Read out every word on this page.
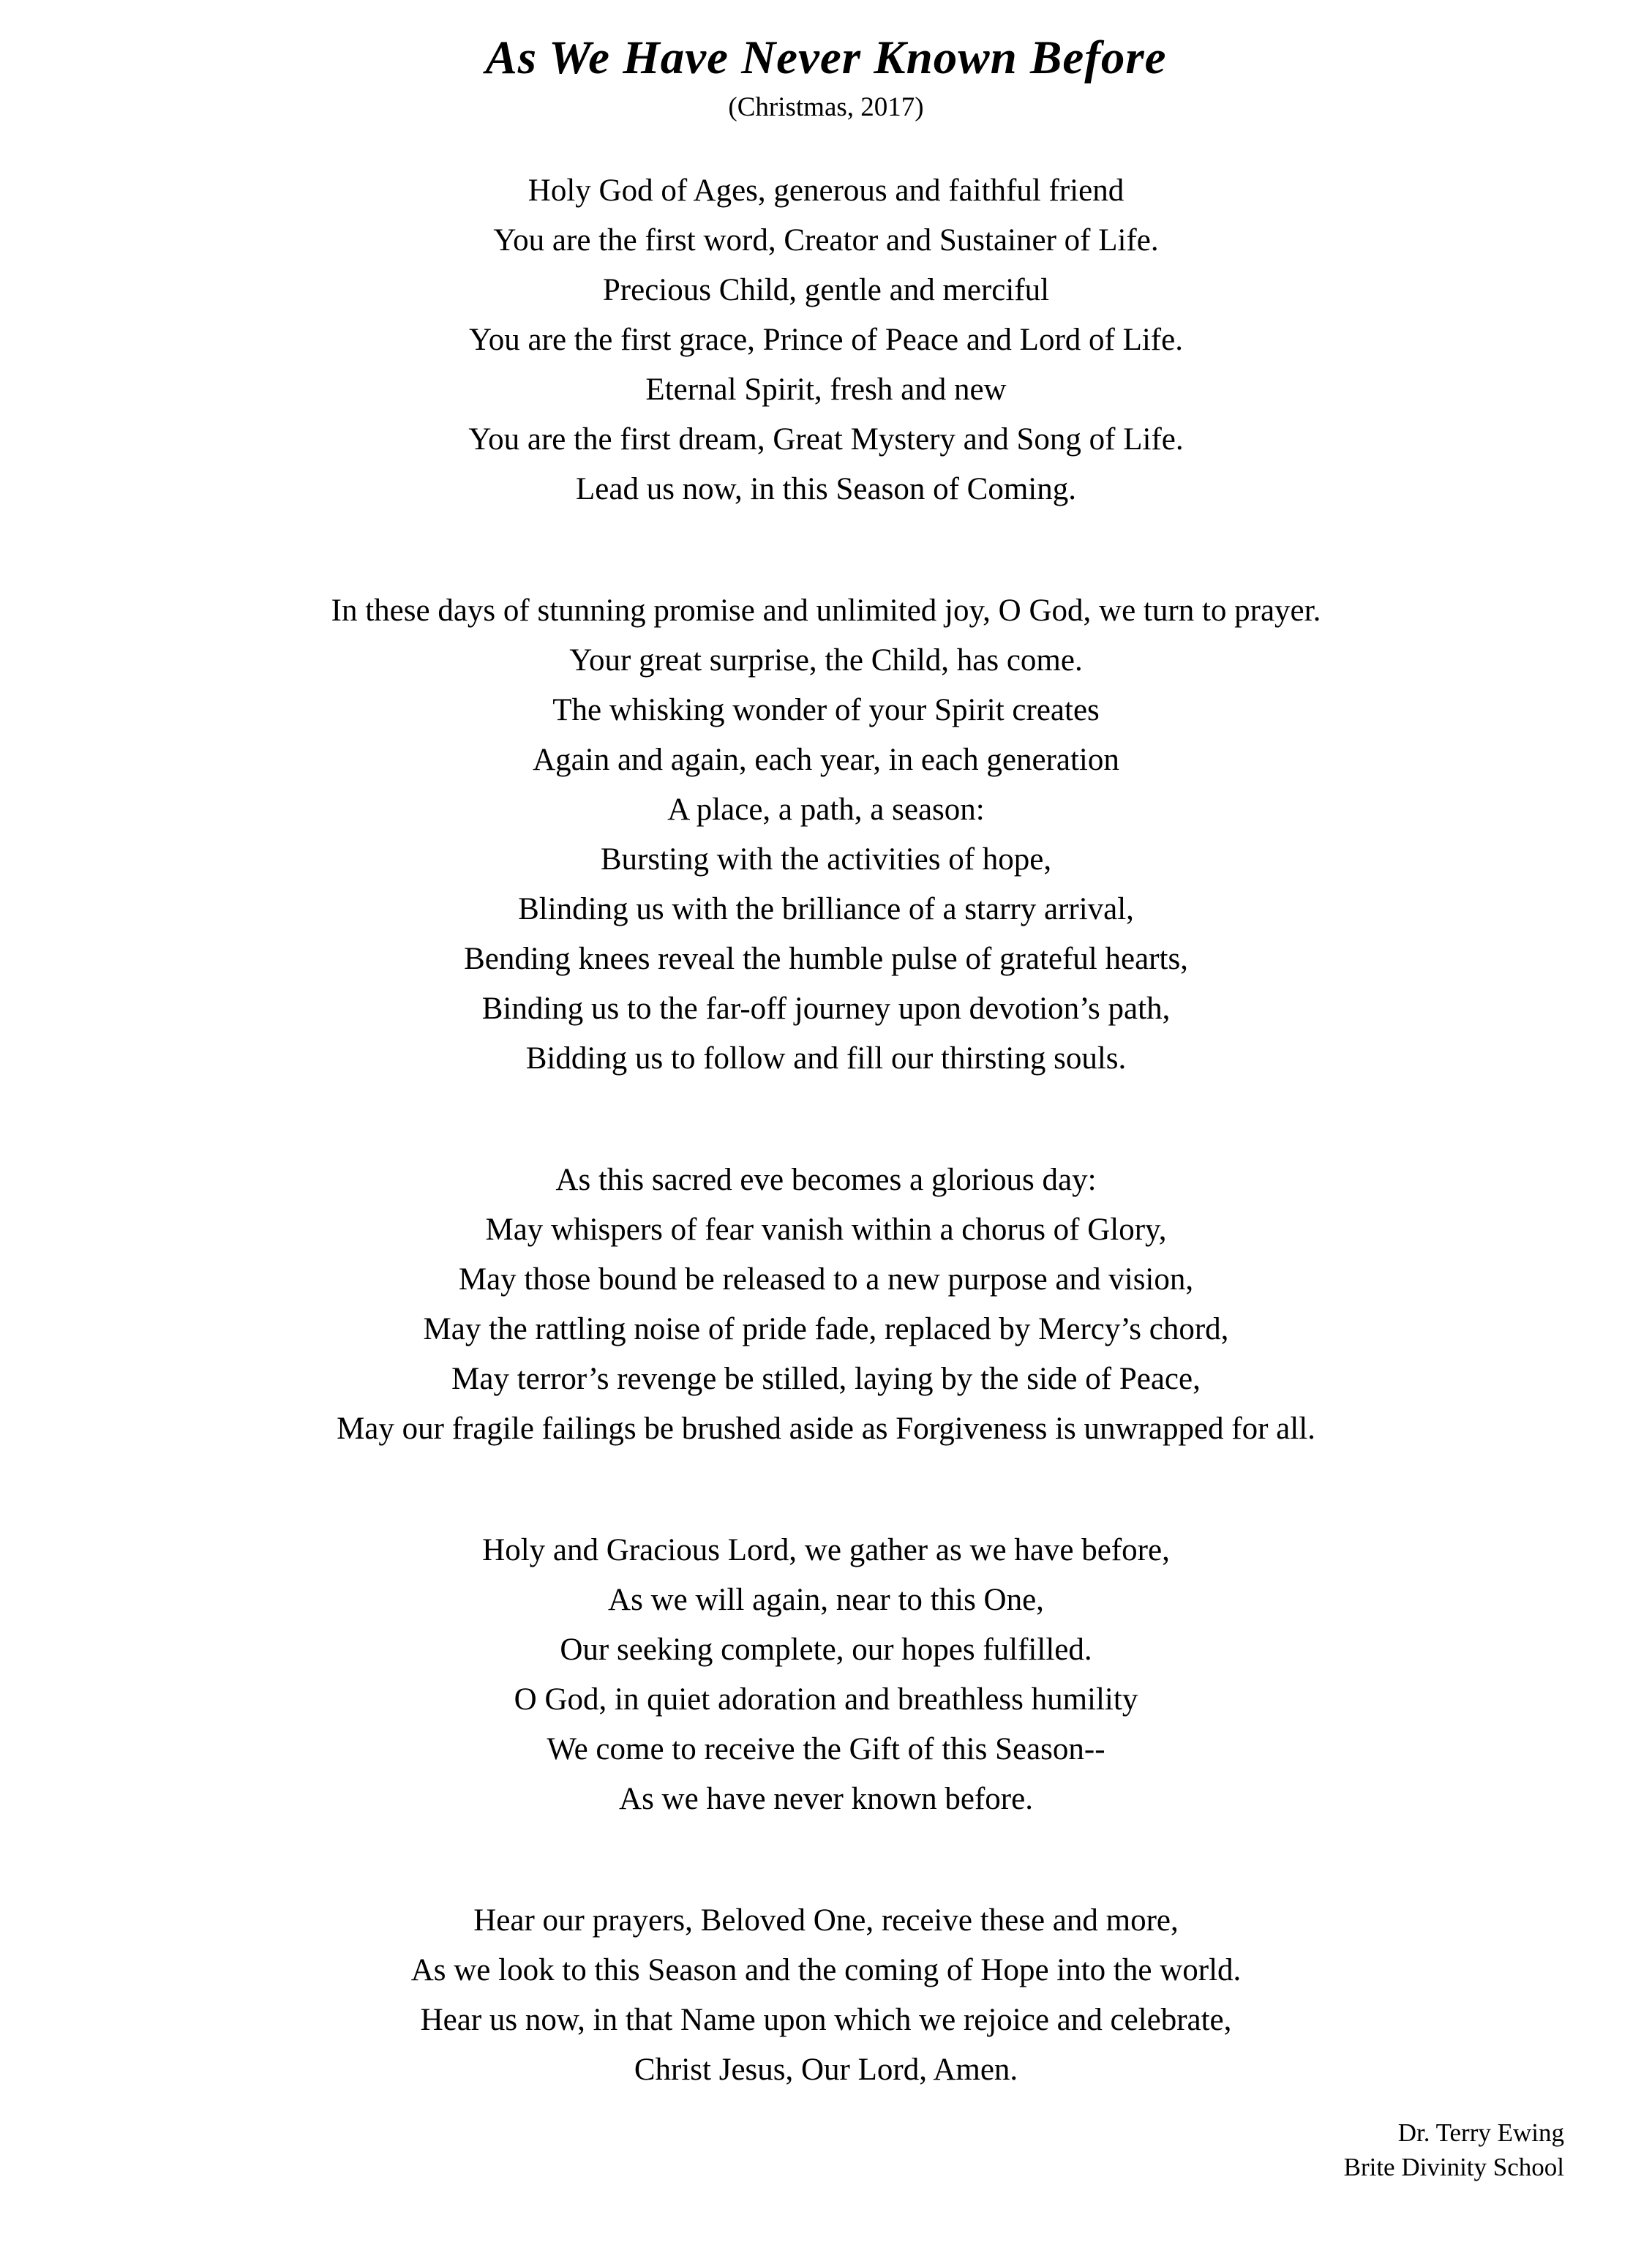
As We Have Never Known Before
(Christmas, 2017)

Holy God of Ages, generous and faithful friend

You are the first word, Creator and Sustainer of Life.

Precious Child, gentle and merciful

You are the first grace, Prince of Peace and Lord of Life.

Eternal Spirit, fresh and new

You are the first dream, Great Mystery and Song of Life.

Lead us now, in this Season of Coming.

In these days of stunning promise and unlimited joy, O God, we turn to prayer.

Your great surprise, the Child, has come.

The whisking wonder of your Spirit creates

Again and again, each year, in each generation

A place, a path, a season:

Bursting with the activities of hope,

Blinding us with the brilliance of a starry arrival,

Bending knees reveal the humble pulse of grateful hearts,

Binding us to the far-off journey upon devotion’s path,

Bidding us to follow and fill our thirsting souls.

As this sacred eve becomes a glorious day:

May whispers of fear vanish within a chorus of Glory,

May those bound be released to a new purpose and vision,

May the rattling noise of pride fade, replaced by Mercy’s chord,

May terror’s revenge be stilled, laying by the side of Peace,

May our fragile failings be brushed aside as Forgiveness is unwrapped for all.

Holy and Gracious Lord, we gather as we have before,

As we will again, near to this One,

Our seeking complete, our hopes fulfilled.

O God, in quiet adoration and breathless humility

We come to receive the Gift of this Season--

As we have never known before.

Hear our prayers, Beloved One, receive these and more,

As we look to this Season and the coming of Hope into the world.

Hear us now, in that Name upon which we rejoice and celebrate,

Christ Jesus, Our Lord, Amen.

Dr. Terry Ewing

Brite Divinity School
